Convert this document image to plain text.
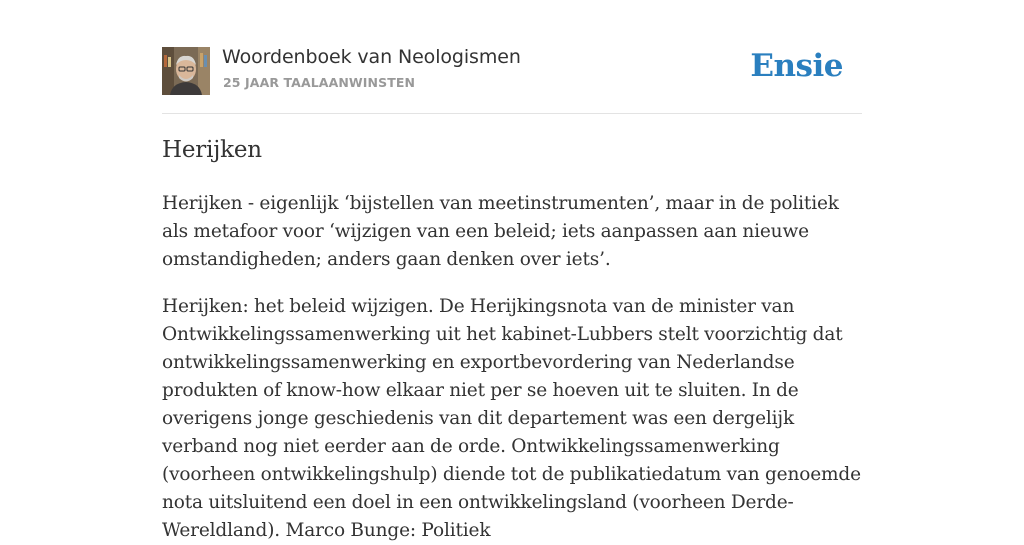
Woordenboek van Neologismen
25 JAAR TAALAANWINSTEN	Ensie
Herijken

Herijken - eigenlijk ‘bijstellen van meetinstrumenten’, maar in de politiek als metafoor voor ‘wijzigen van een beleid; iets aanpassen aan nieuwe omstandigheden; anders gaan denken over iets’.

Herijken: het beleid wijzigen. De Herijkingsnota van de minister van Ontwikkelingssamenwerking uit het kabinet-Lubbers stelt voorzichtig dat ontwikkelingssamenwerking en exportbevordering van Nederlandse produkten of know-how elkaar niet per se hoeven uit te sluiten. In de overigens jonge geschiedenis van dit departement was een dergelijk verband nog niet eerder aan de orde. Ontwikkelingssamenwerking (voorheen ontwikkelingshulp) diende tot de publikatiedatum van genoemde nota uitsluitend een doel in een ontwikkelingsland (voorheen Derde-Wereldland). Marco Bunge: Politiek
